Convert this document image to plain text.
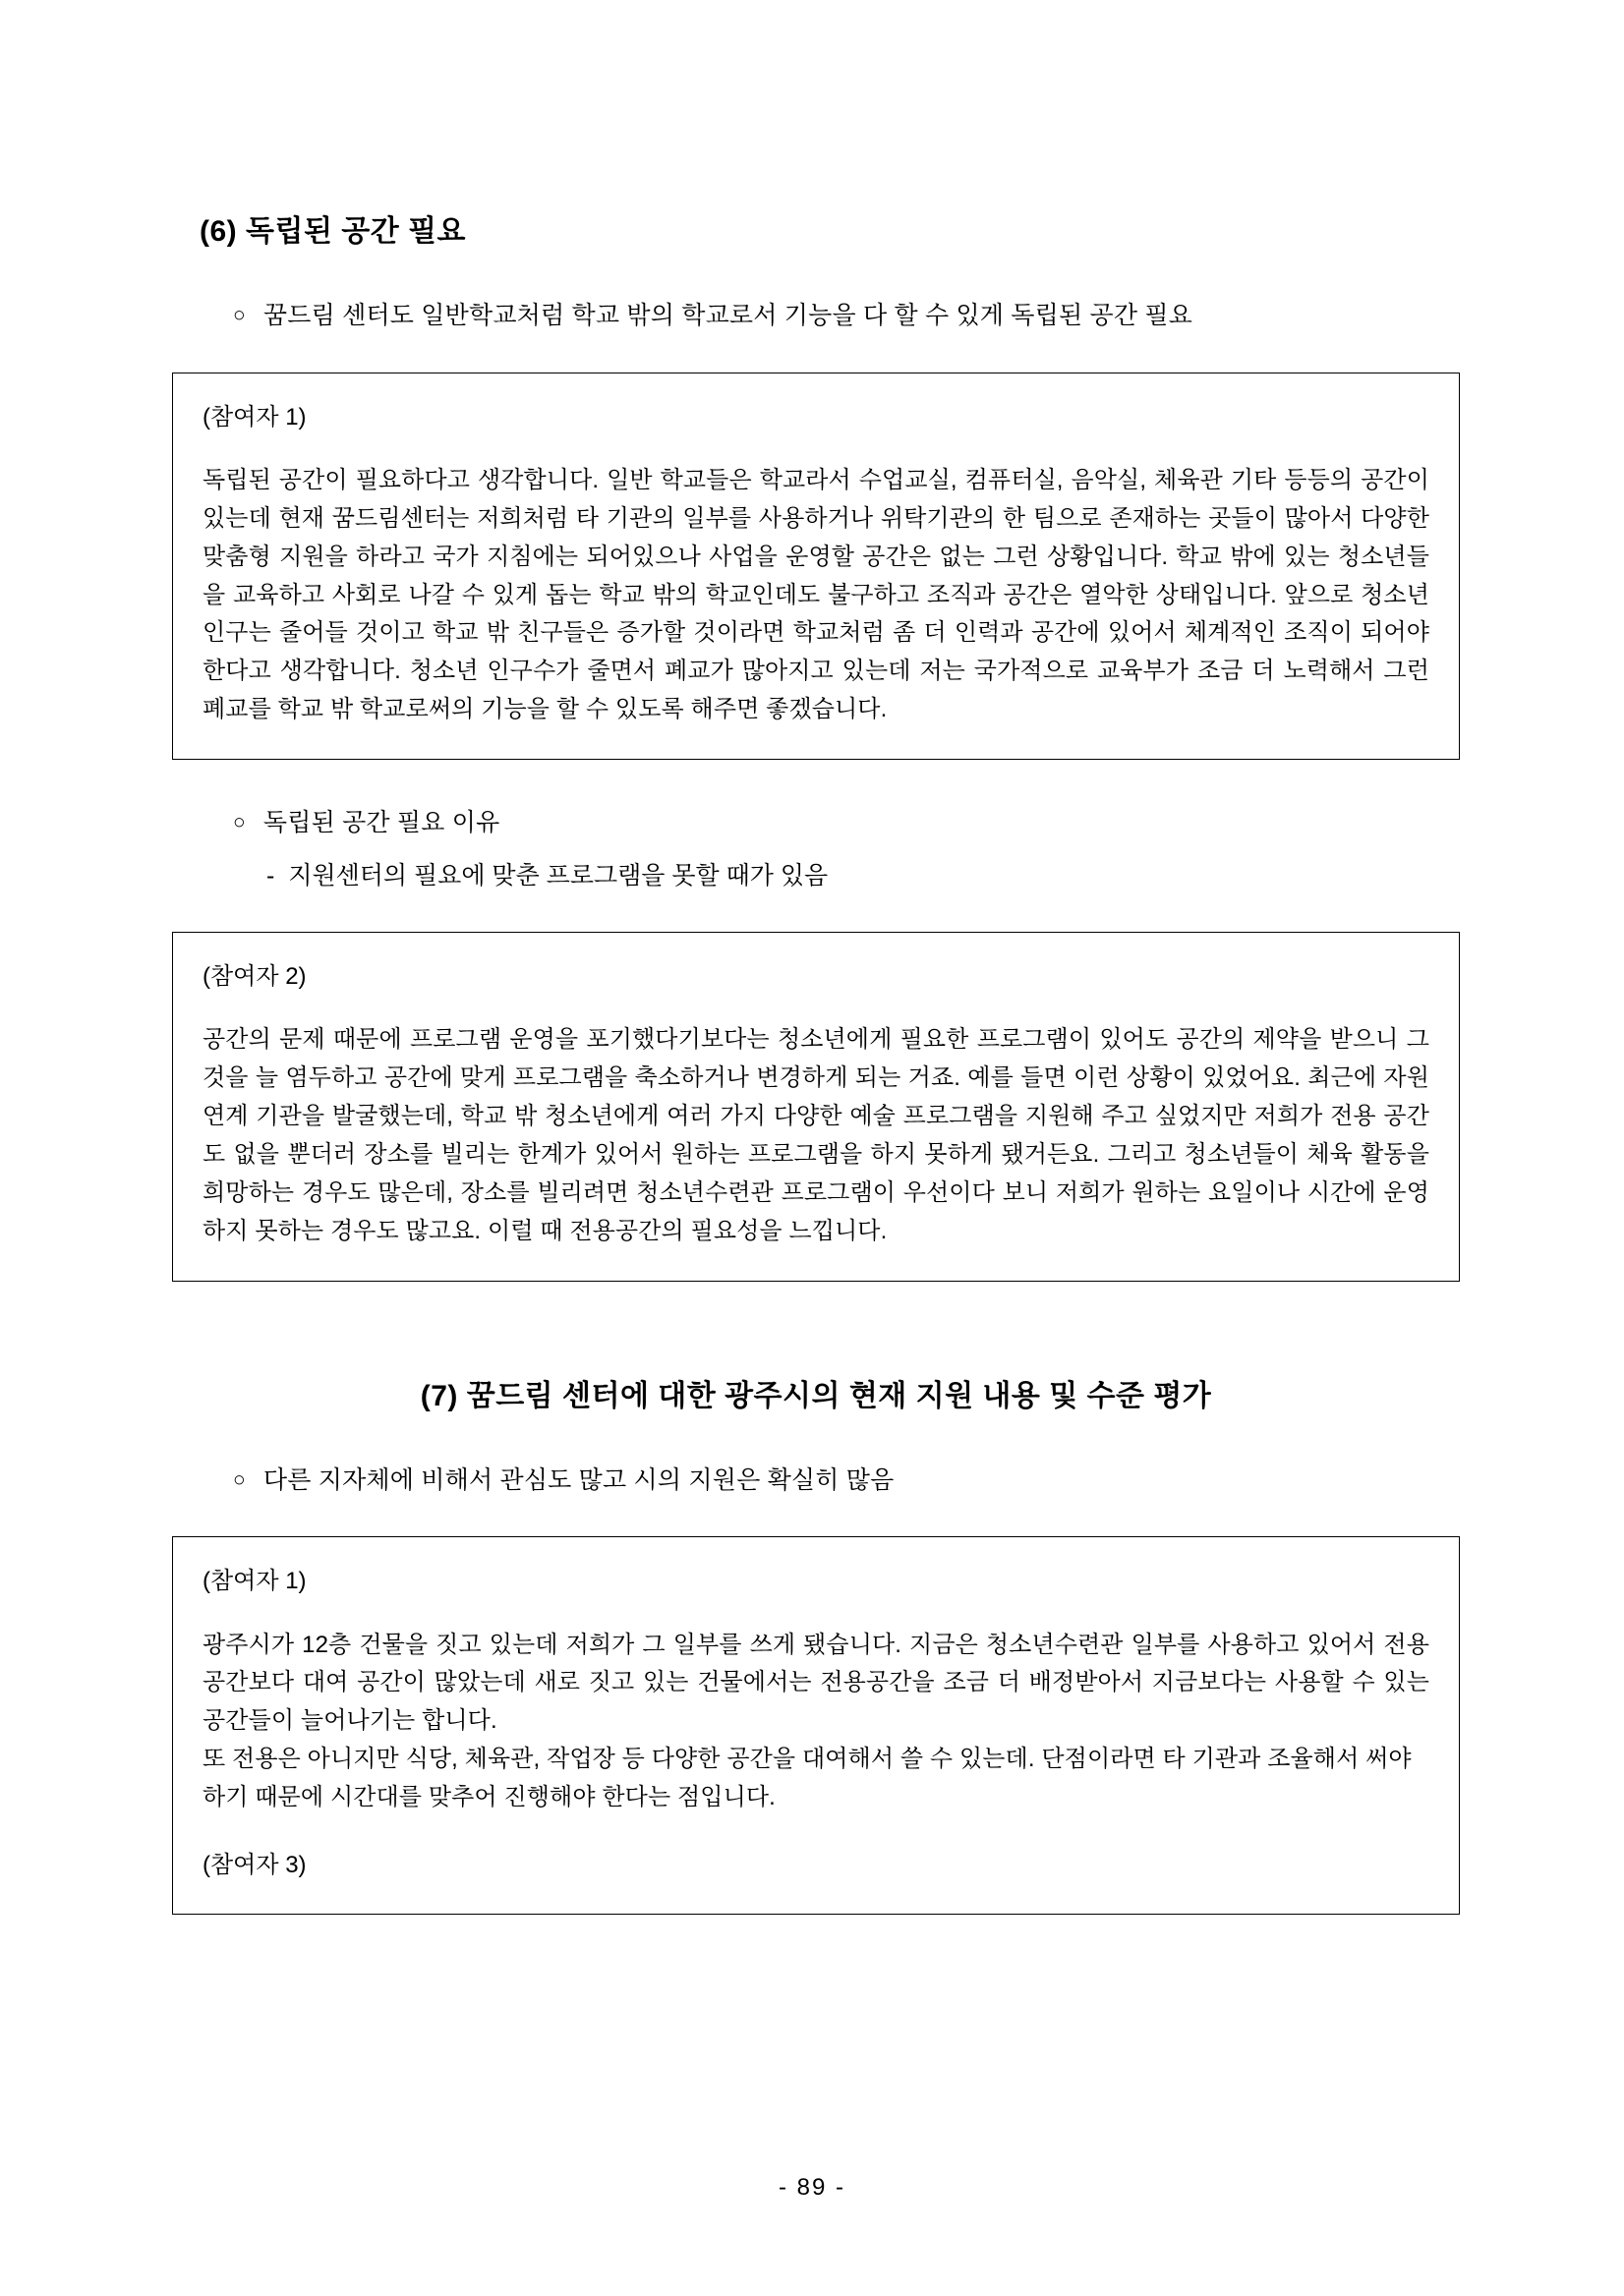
(6) 독립된 공간 필요
○ 꿈드림 센터도 일반학교처럼 학교 밖의 학교로서 기능을 다 할 수 있게 독립된 공간 필요
(참여자 1)

독립된 공간이 필요하다고 생각합니다. 일반 학교들은 학교라서 수업교실, 컴퓨터실, 음악실, 체육관 기타 등등의 공간이 있는데 현재 꿈드림센터는 저희처럼 타 기관의 일부를 사용하거나 위탁기관의 한 팀으로 존재하는 곳들이 많아서 다양한 맞춤형 지원을 하라고 국가 지침에는 되어있으나 사업을 운영할 공간은 없는 그런 상황입니다. 학교 밖에 있는 청소년들을 교육하고 사회로 나갈 수 있게 돕는 학교 밖의 학교인데도 불구하고 조직과 공간은 열악한 상태입니다. 앞으로 청소년 인구는 줄어들 것이고 학교 밖 친구들은 증가할 것이라면 학교처럼 좀 더 인력과 공간에 있어서 체계적인 조직이 되어야 한다고 생각합니다. 청소년 인구수가 줄면서 폐교가 많아지고 있는데 저는 국가적으로 교육부가 조금 더 노력해서 그런 폐교를 학교 밖 학교로써의 기능을 할 수 있도록 해주면 좋겠습니다.

○ 독립된 공간 필요 이유
- 지원센터의 필요에 맞춘 프로그램을 못할 때가 있음
(참여자 2)

공간의 문제 때문에 프로그램 운영을 포기했다기보다는 청소년에게 필요한 프로그램이 있어도 공간의 제약을 받으니 그것을 늘 염두하고 공간에 맞게 프로그램을 축소하거나 변경하게 되는 거죠. 예를 들면 이런 상황이 있었어요. 최근에 자원 연계 기관을 발굴했는데, 학교 밖 청소년에게 여러 가지 다양한 예술 프로그램을 지원해 주고 싶었지만 저희가 전용 공간도 없을 뿐더러 장소를 빌리는 한계가 있어서 원하는 프로그램을 하지 못하게 됐거든요. 그리고 청소년들이 체육 활동을 희망하는 경우도 많은데, 장소를 빌리려면 청소년수련관 프로그램이 우선이다 보니 저희가 원하는 요일이나 시간에 운영하지 못하는 경우도 많고요. 이럴 때 전용공간의 필요성을 느낍니다.

(7) 꿈드림 센터에 대한 광주시의 현재 지원 내용 및 수준 평가
○ 다른 지자체에 비해서 관심도 많고 시의 지원은 확실히 많음
(참여자 1)

광주시가 12층 건물을 짓고 있는데 저희가 그 일부를 쓰게 됐습니다. 지금은 청소년수련관 일부를 사용하고 있어서 전용공간보다 대여 공간이 많았는데 새로 짓고 있는 건물에서는 전용공간을 조금 더 배정받아서 지금보다는 사용할 수 있는 공간들이 늘어나기는 합니다.

또 전용은 아니지만 식당, 체육관, 작업장 등 다양한 공간을 대여해서 쓸 수 있는데. 단점이라면 타 기관과 조율해서 써야하기 때문에 시간대를 맞추어 진행해야 한다는 점입니다.

(참여자 3)
- 89 -
